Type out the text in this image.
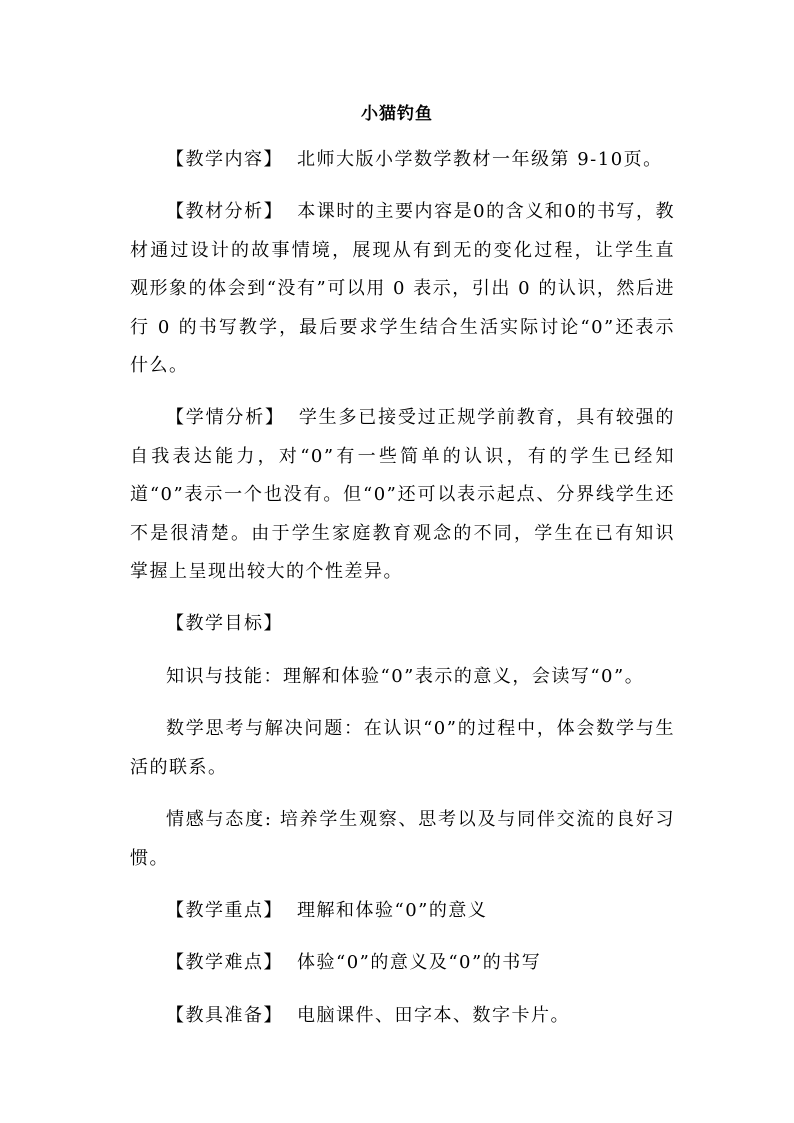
小猫钓鱼

【教学内容】 北师大版小学数学教材一年级第 9-10页。

【教材分析】 本课时的主要内容是0的含义和0的书写，教材通过设计的故事情境，展现从有到无的变化过程，让学生直观形象的体会到“没有”可以用 0 表示，引出 0 的认识，然后进行 0 的书写教学，最后要求学生结合生活实际讨论“0”还表示什么。

【学情分析】 学生多已接受过正规学前教育，具有较强的自我表达能力，对“0”有一些简单的认识，有的学生已经知道“0”表示一个也没有。但“0”还可以表示起点、分界线学生还不是很清楚。由于学生家庭教育观念的不同，学生在已有知识掌握上呈现出较大的个性差异。

【教学目标】

知识与技能：理解和体验“0”表示的意义，会读写“0”。

数学思考与解决问题：在认识“0”的过程中，体会数学与生活的联系。

情感与态度: 培养学生观察、思考以及与同伴交流的良好习惯。

【教学重点】 理解和体验“0”的意义

【教学难点】 体验“0”的意义及“0”的书写

【教具准备】 电脑课件、田字本、数字卡片。
